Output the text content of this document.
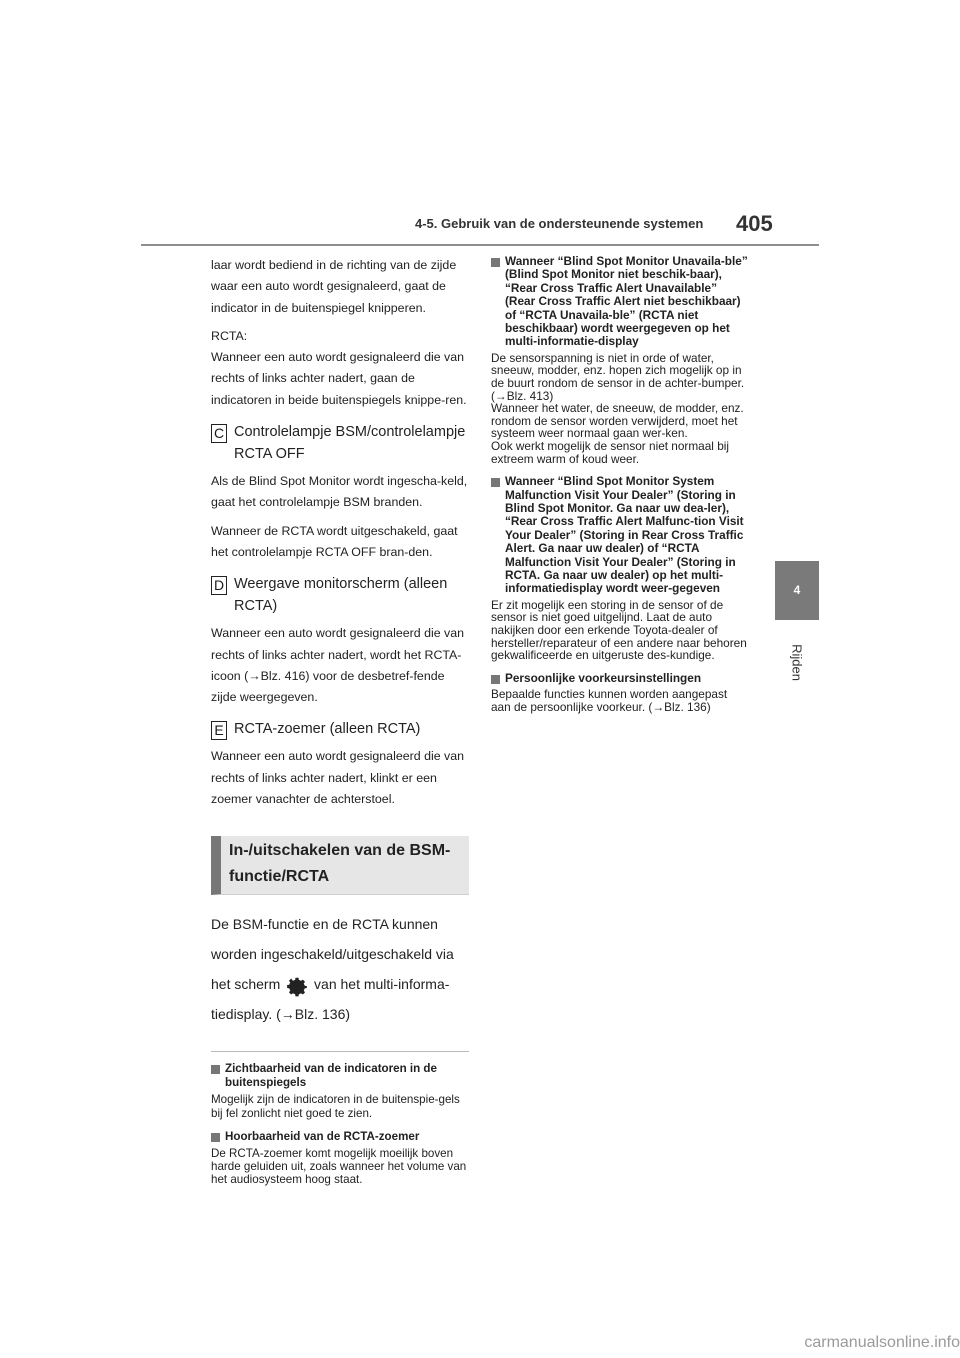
4-5. Gebruik van de ondersteunende systemen 405
4
Rijden

laar wordt bediend in de richting van de zijde waar een auto wordt gesignaleerd, gaat de indicator in de buitenspiegel knipperen.

RCTA:

Wanneer een auto wordt gesignaleerd die van rechts of links achter nadert, gaan de indicatoren in beide buitenspiegels knippe-ren.

C Controlelampje BSM/controlelampje RCTA OFF

Als de Blind Spot Monitor wordt ingescha-keld, gaat het controlelampje BSM branden.

Wanneer de RCTA wordt uitgeschakeld, gaat het controlelampje RCTA OFF bran-den.

D Weergave monitorscherm (alleen RCTA)

Wanneer een auto wordt gesignaleerd die van rechts of links achter nadert, wordt het RCTA-icoon (→Blz. 416) voor de desbetref-fende zijde weergegeven.

E RCTA-zoemer (alleen RCTA)

Wanneer een auto wordt gesignaleerd die van rechts of links achter nadert, klinkt er een zoemer vanachter de achterstoel.

In-/uitschakelen van de BSM-functie/RCTA

De BSM-functie en de RCTA kunnen worden ingeschakeld/uitgeschakeld via het scherm van het multi-informa-tiedisplay. (→Blz. 136)

Zichtbaarheid van de indicatoren in de buitenspiegels

Mogelijk zijn de indicatoren in de buitenspie-gels bij fel zonlicht niet goed te zien.

Hoorbaarheid van de RCTA-zoemer

De RCTA-zoemer komt mogelijk moeilijk boven harde geluiden uit, zoals wanneer het volume van het audiosysteem hoog staat.

Wanneer “Blind Spot Monitor Unavaila-ble” (Blind Spot Monitor niet beschik-baar), “Rear Cross Traffic Alert Unavailable” (Rear Cross Traffic Alert niet beschikbaar) of “RCTA Unavaila-ble” (RCTA niet beschikbaar) wordt weergegeven op het multi-informatie-display

De sensorspanning is niet in orde of water, sneeuw, modder, enz. hopen zich mogelijk op in de buurt rondom de sensor in de achter-bumper. (→Blz. 413)
Wanneer het water, de sneeuw, de modder, enz. rondom de sensor worden verwijderd, moet het systeem weer normaal gaan wer-ken.
Ook werkt mogelijk de sensor niet normaal bij extreem warm of koud weer.

Wanneer “Blind Spot Monitor System Malfunction Visit Your Dealer” (Storing in Blind Spot Monitor. Ga naar uw dea-ler), “Rear Cross Traffic Alert Malfunc-tion Visit Your Dealer” (Storing in Rear Cross Traffic Alert. Ga naar uw dealer) of “RCTA Malfunction Visit Your Dealer” (Storing in RCTA. Ga naar uw dealer) op het multi-informatiedisplay wordt weer-gegeven

Er zit mogelijk een storing in de sensor of de sensor is niet goed uitgelijnd. Laat de auto nakijken door een erkende Toyota-dealer of hersteller/reparateur of een andere naar behoren gekwalificeerde en uitgeruste des-kundige.

Persoonlijke voorkeursinstellingen

Bepaalde functies kunnen worden aangepast aan de persoonlijke voorkeur. (→Blz. 136)

carmanualsonline.info
